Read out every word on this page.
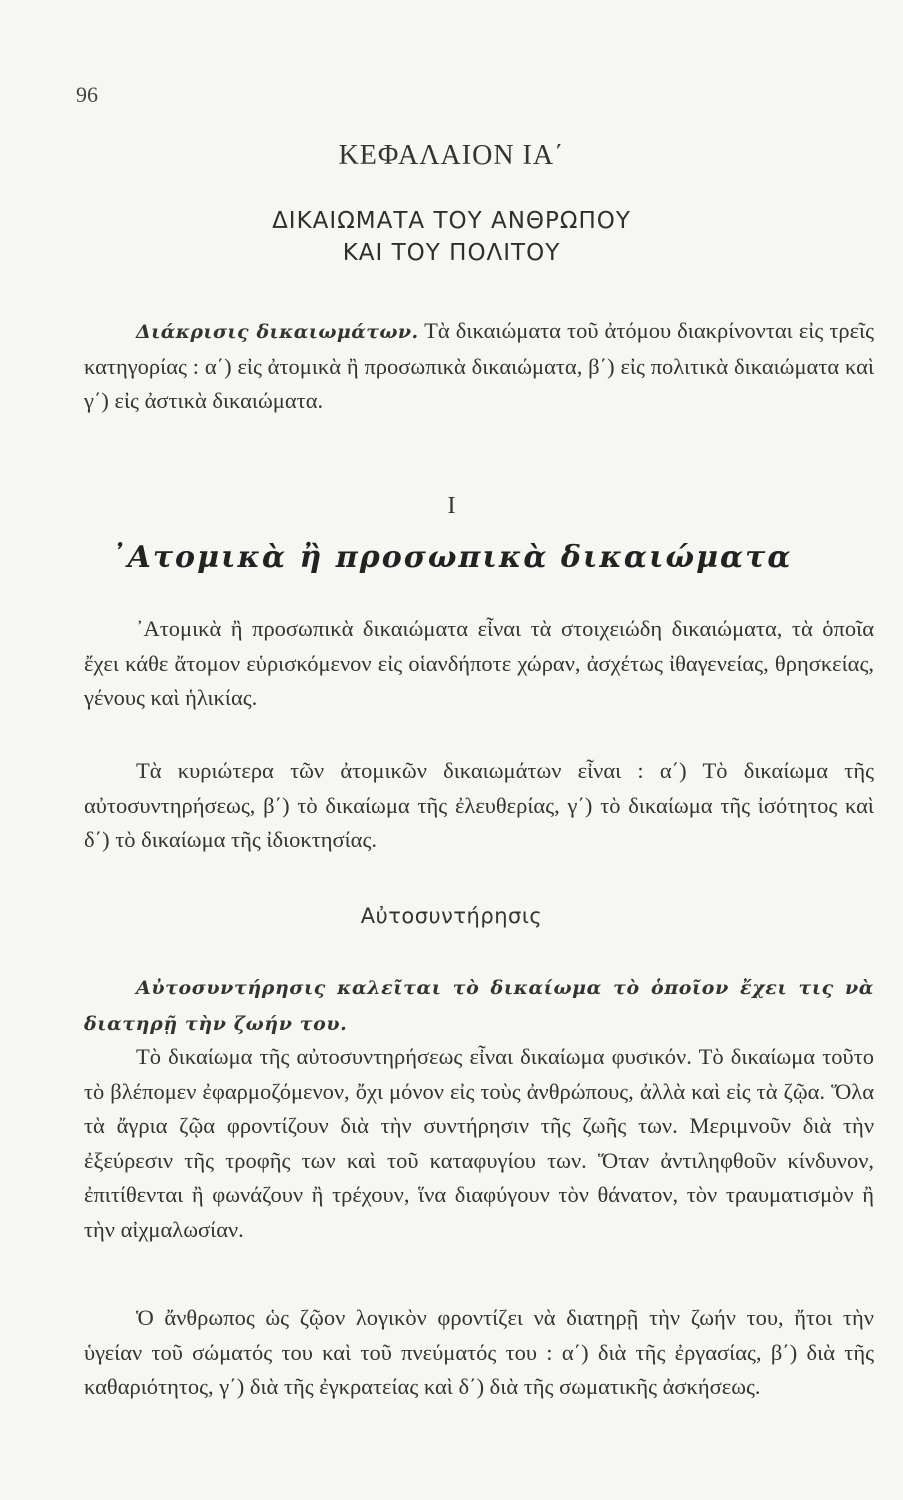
96
ΚΕΦΑΛΑΙΟΝ ΙΑ΄
ΔΙΚΑΙΩΜΑΤΑ ΤΟΥ ΑΝΘΡΩΠΟΥ
ΚΑΙ ΤΟΥ ΠΟΛΙΤΟΥ
Διάκρισις δικαιωμάτων. Τὰ δικαιώματα τοῦ ἀτόμου διακρίνονται εἰς τρεῖς κατηγορίας : α΄) εἰς ἀτομικὰ ἢ προσωπικὰ δικαιώματα, β΄) εἰς πολιτικὰ δικαιώματα καὶ γ΄) εἰς ἀστικὰ δικαιώματα.
Ι
᾿Ατομικὰ ἢ προσωπικὰ δικαιώματα
᾿Ατομικὰ ἢ προσωπικὰ δικαιώματα εἶναι τὰ στοιχειώδη δικαιώματα, τὰ ὁποῖα ἔχει κάθε ἄτομον εὑρισκόμενον εἰς οἱανδήποτε χώραν, ἀσχέτως ἰθαγενείας, θρησκείας, γένους καὶ ἡλικίας.
Τὰ κυριώτερα τῶν ἀτομικῶν δικαιωμάτων εἶναι : α΄) Τὸ δικαίωμα τῆς αὐτοσυντηρήσεως, β΄) τὸ δικαίωμα τῆς ἐλευθερίας, γ΄) τὸ δικαίωμα τῆς ἰσότητος καὶ δ΄) τὸ δικαίωμα τῆς ἰδιοκτησίας.
Αὐτοσυντήρησις
Αὐτοσυντήρησις καλεῖται τὸ δικαίωμα τὸ ὁποῖον ἔχει τις νὰ διατηρῇ τὴν ζωήν του.
Τὸ δικαίωμα τῆς αὐτοσυντηρήσεως εἶναι δικαίωμα φυσικόν. Τὸ δικαίωμα τοῦτο τὸ βλέπομεν ἐφαρμοζόμενον, ὄχι μόνον εἰς τοὺς ἀνθρώπους, ἀλλὰ καὶ εἰς τὰ ζῷα. Ὅλα τὰ ἄγρια ζῷα φροντίζουν διὰ τὴν συντήρησιν τῆς ζωῆς των. Μεριμνοῦν διὰ τὴν ἐξεύρεσιν τῆς τροφῆς των καὶ τοῦ καταφυγίου των. Ὅταν ἀντιληφθοῦν κίνδυνον, ἐπιτίθενται ἢ φωνάζουν ἢ τρέχουν, ἵνα διαφύγουν τὸν θάνατον, τὸν τραυματισμὸν ἢ τὴν αἰχμαλωσίαν.
Ὁ ἄνθρωπος ὡς ζῷον λογικὸν φροντίζει νὰ διατηρῇ τὴν ζωήν του, ἤτοι τὴν ὑγείαν τοῦ σώματός του καὶ τοῦ πνεύματός του : α΄) διὰ τῆς ἐργασίας, β΄) διὰ τῆς καθαριότητος, γ΄) διὰ τῆς ἐγκρατείας καὶ δ΄) διὰ τῆς σωματικῆς ἀσκήσεως.
